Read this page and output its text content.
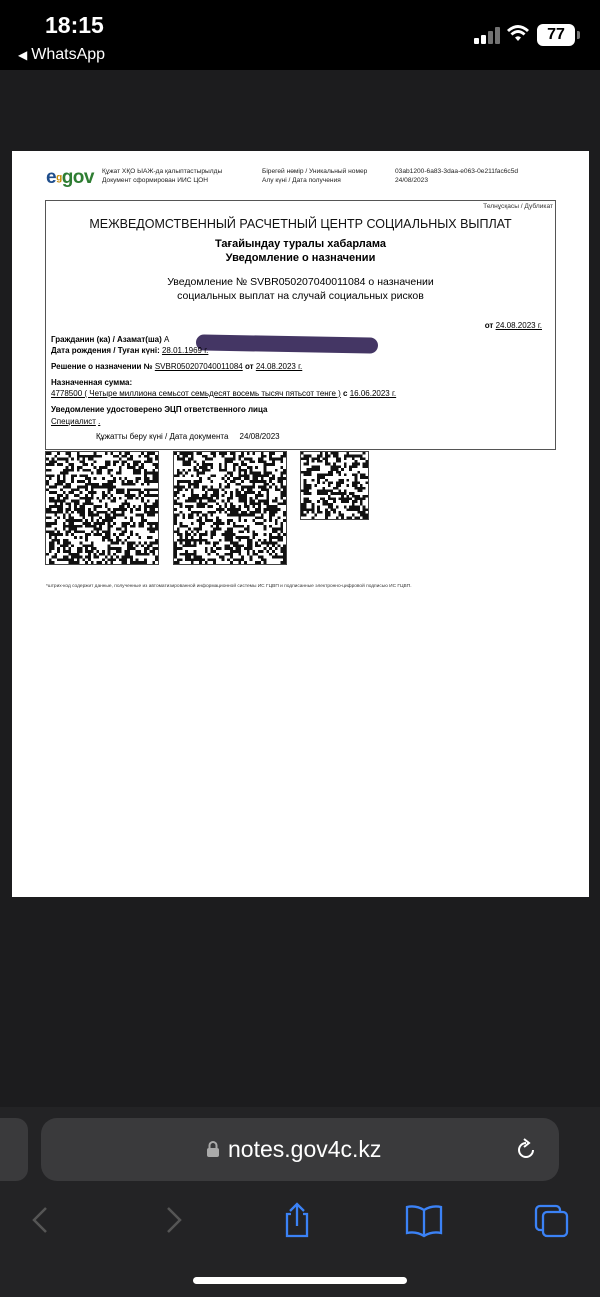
18:15
◀ WhatsApp
77
eggov Құжат ХҚО ЫАЖ-да қалыптастырылды
Документ сформирован ИИС ЦОН
Бірегей нөмір / Уникальный номер
Алу күні / Дата получения
03ab1200-6a83-3daa-e063-0e211fac6c5d
24/08/2023
Телнұсқасы / Дубликат
МЕЖВЕДОМСТВЕННЫЙ РАСЧЕТНЫЙ ЦЕНТР СОЦИАЛЬНЫХ ВЫПЛАТ
Тағайындау туралы хабарлама
Уведомление о назначении
Уведомление № SVBR050207040011084 о назначении
социальных выплат на случай социальных рисков
от 24.08.2023 г.
Гражданин (ка) / Азамат(ша) А
Дата рождения / Туған күні: 28.01.1969 г.
Решение о назначении № SVBR050207040011084 от 24.08.2023 г.
Назначенная сумма:
4778500 ( Четыре миллиона семьсот семьдесят восемь тысяч пятьсот тенге ) с 16.06.2023 г.
Уведомление удостоверено ЭЦП ответственного лица
Специалист .
Құжатты беру күні / Дата документа 24/08/2023
*штрих-код содержит данные, полученные из автоматизированной информационной системы ИС ГЦВП и подписанные электронно-цифровой подписью ИС ГЦВП.
notes.gov4c.kz
